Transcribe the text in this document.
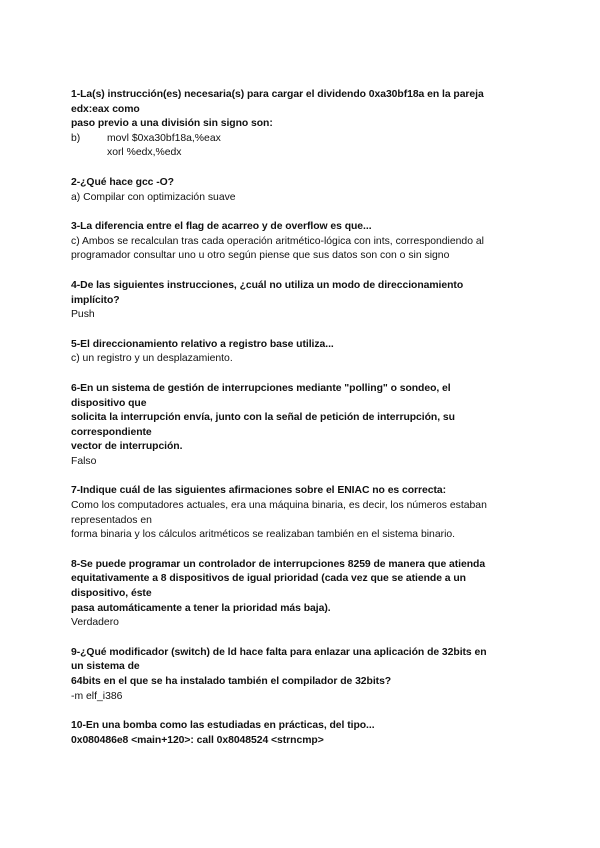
1-La(s) instrucción(es) necesaria(s) para cargar el dividendo 0xa30bf18a en la pareja

edx:eax como

paso previo a una división sin signo son:

b)	movl $0xa30bf18a,%eax

xorl %edx,%edx

2-¿Qué hace gcc -O?

a) Compilar con optimización suave

3-La diferencia entre el flag de acarreo y de overflow es que...

c) Ambos se recalculan tras cada operación aritmético-lógica con ints, correspondiendo al

programador consultar uno u otro según piense que sus datos son con o sin signo

4-De las siguientes instrucciones, ¿cuál no utiliza un modo de direccionamiento

implícito?

Push

5-El direccionamiento relativo a registro base utiliza...

c) un registro y un desplazamiento.

6-En un sistema de gestión de interrupciones mediante "polling" o sondeo, el

dispositivo que

solicita la interrupción envía, junto con la señal de petición de interrupción, su

correspondiente

vector de interrupción.

Falso

7-Indique cuál de las siguientes afirmaciones sobre el ENIAC no es correcta:

Como los computadores actuales, era una máquina binaria, es decir, los números estaban

representados en

forma binaria y los cálculos aritméticos se realizaban también en el sistema binario.

8-Se puede programar un controlador de interrupciones 8259 de manera que atienda

equitativamente a 8 dispositivos de igual prioridad (cada vez que se atiende a un

dispositivo, éste

pasa automáticamente a tener la prioridad más baja).

Verdadero

9-¿Qué modificador (switch) de ld hace falta para enlazar una aplicación de 32bits en

un sistema de

64bits en el que se ha instalado también el compilador de 32bits?

-m elf_i386

10-En una bomba como las estudiadas en prácticas, del tipo...

0x080486e8 <main+120>: call 0x8048524 <strncmp>
